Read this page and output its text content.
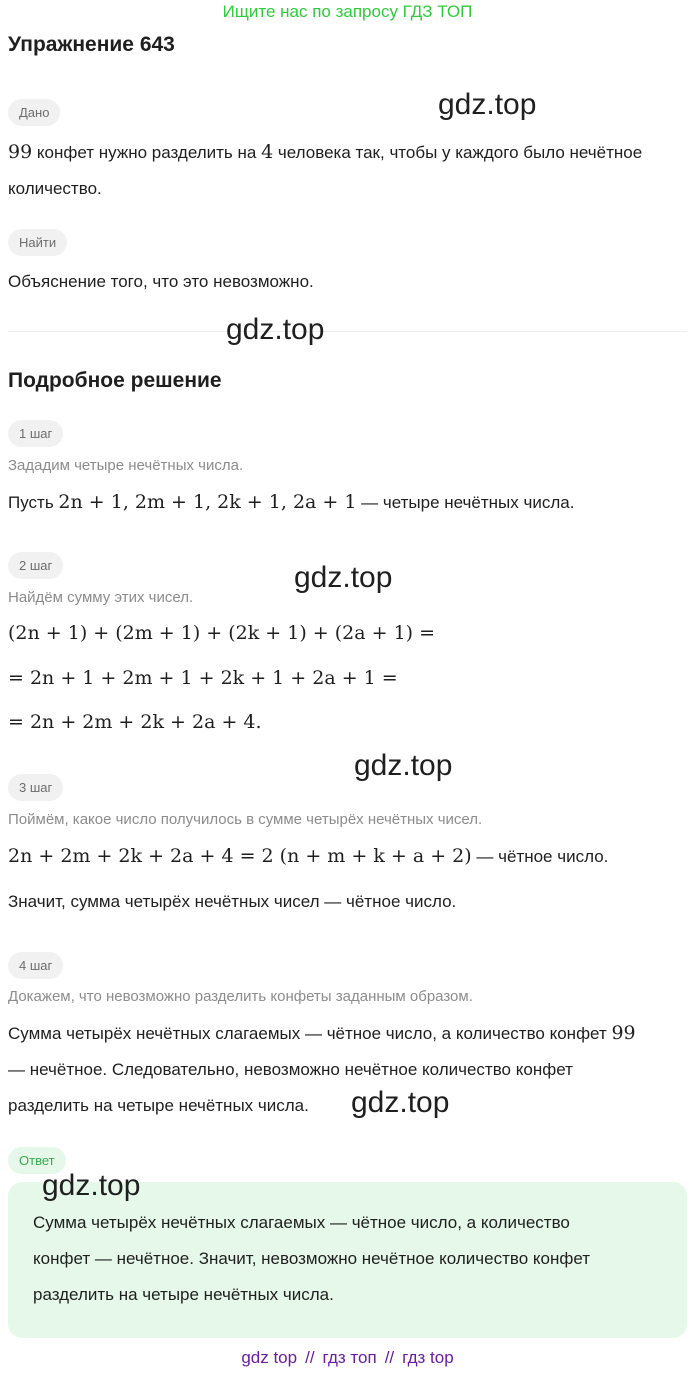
Ищите нас по запросу ГДЗ ТОП
Упражнение 643
Дано
99 конфет нужно разделить на 4 человека так, чтобы у каждого было нечётное
количество.
Найти
Объяснение того, что это невозможно.
Подробное решение
1 шаг
Зададим четыре нечётных числа.
Пусть 2n + 1, 2m + 1, 2k + 1, 2a + 1 — четыре нечётных числа.
2 шаг
Найдём сумму этих чисел.
(2n + 1) + (2m + 1) + (2k + 1) + (2a + 1) =
= 2n + 1 + 2m + 1 + 2k + 1 + 2a + 1 =
= 2n + 2m + 2k + 2a + 4.
3 шаг
Поймём, какое число получилось в сумме четырёх нечётных чисел.
2n + 2m + 2k + 2a + 4 = 2 (n + m + k + a + 2) — чётное число.
Значит, сумма четырёх нечётных чисел — чётное число.
4 шаг
Докажем, что невозможно разделить конфеты заданным образом.
Сумма четырёх нечётных слагаемых — чётное число, а количество конфет 99
— нечётное. Следовательно, невозможно нечётное количество конфет
разделить на четыре нечётных числа.
Ответ
Сумма четырёх нечётных слагаемых — чётное число, а количество
конфет — нечётное. Значит, невозможно нечётное количество конфет
разделить на четыре нечётных числа.
gdz.top
gdz.top
gdz.top
gdz.top
gdz.top
gdz.top
gdz top // гдз топ // гдз top
